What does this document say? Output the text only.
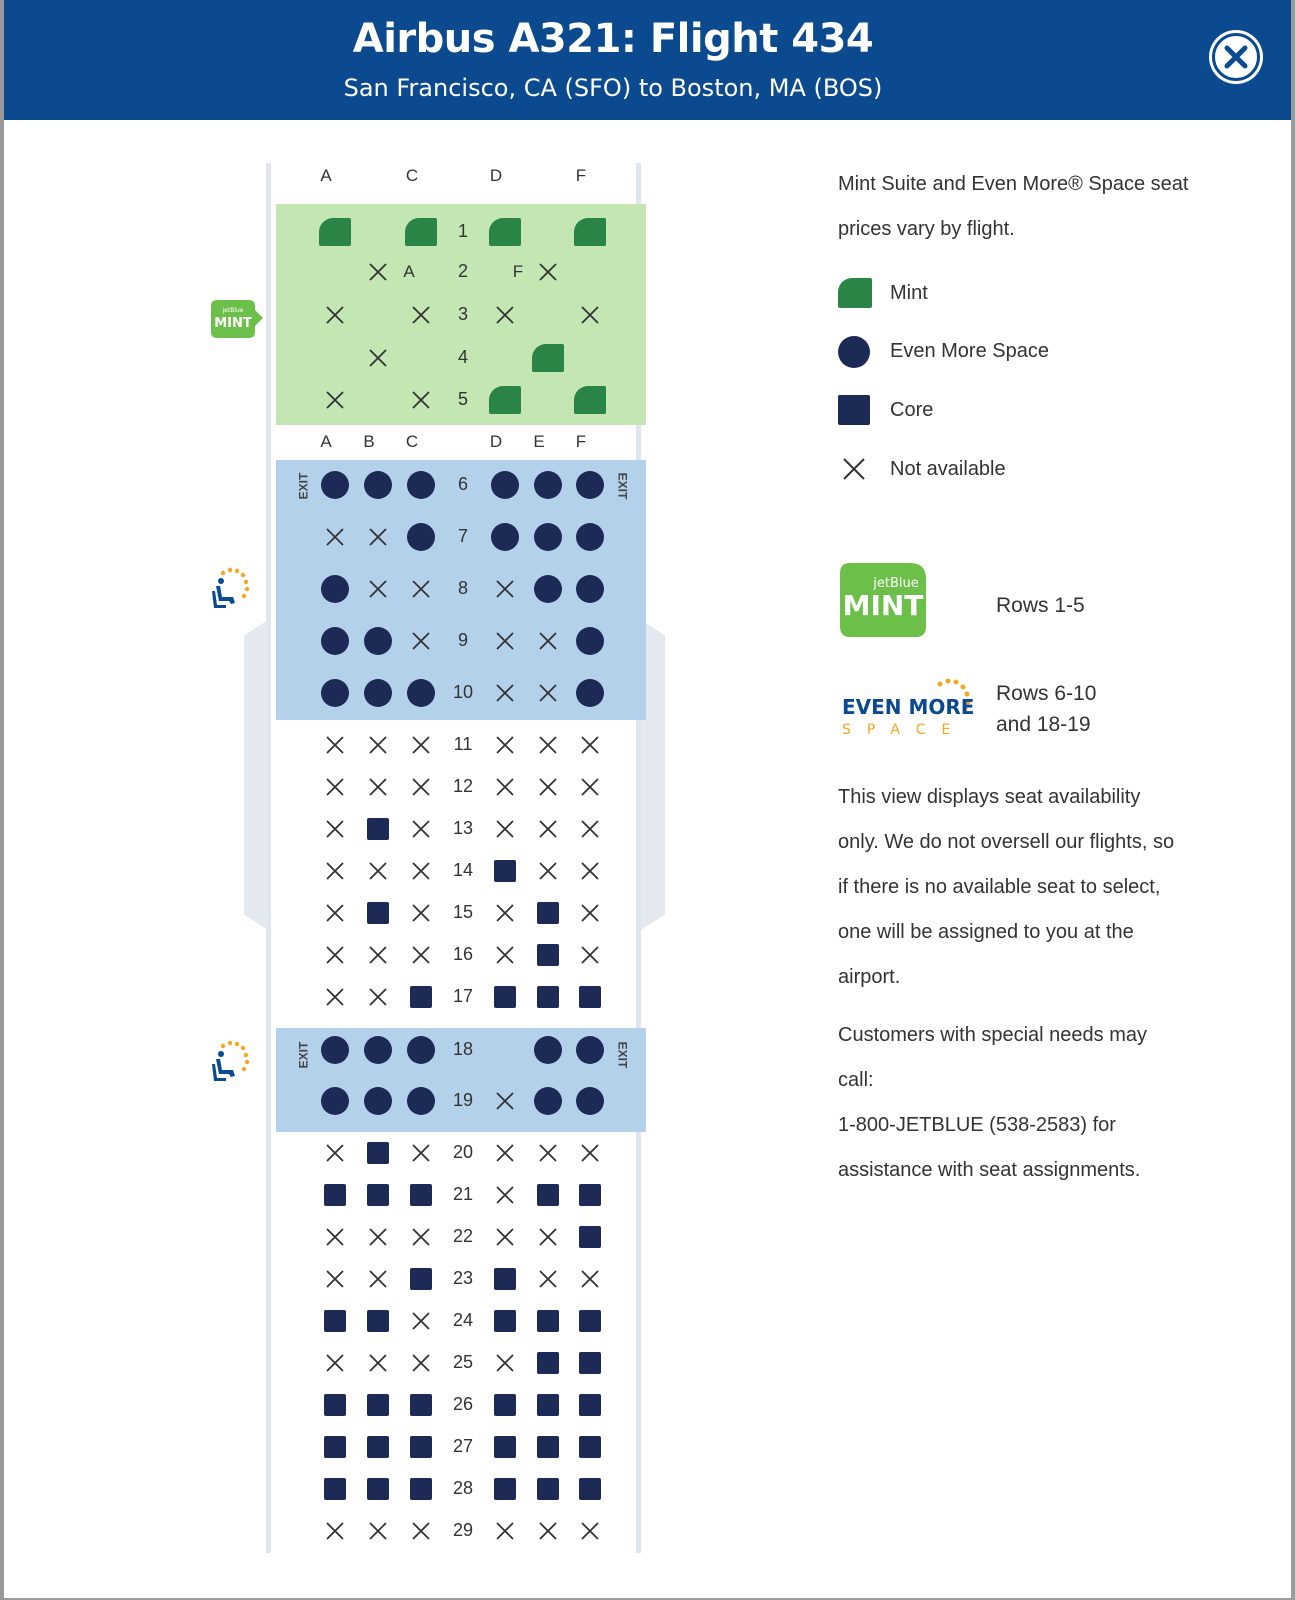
Airbus A321: Flight 434
San Francisco, CA (SFO) to Boston, MA (BOS)
A	C	D	F
A	B	C	D	E	F
A	F
EXIT	EXIT
EXIT	EXIT
jetBlue
MINT
1
2
3
4
5
6
7
8
9
10
11
12
13
14
15
16
17
18
19
20
21
22
23
24
25
26
27
28
29
Mint Suite and Even More® Space seat prices vary by flight.
Mint
Even More Space
Core
Not available
jetBlue
MINT	Rows 1-5
EVEN MORE
SPACE
Rows 6-10
and 18-19
This view displays seat availability only. We do not oversell our flights, so if there is no available seat to select, one will be assigned to you at the airport.
Customers with special needs may call:
1-800-JETBLUE (538-2583) for assistance with seat assignments.
